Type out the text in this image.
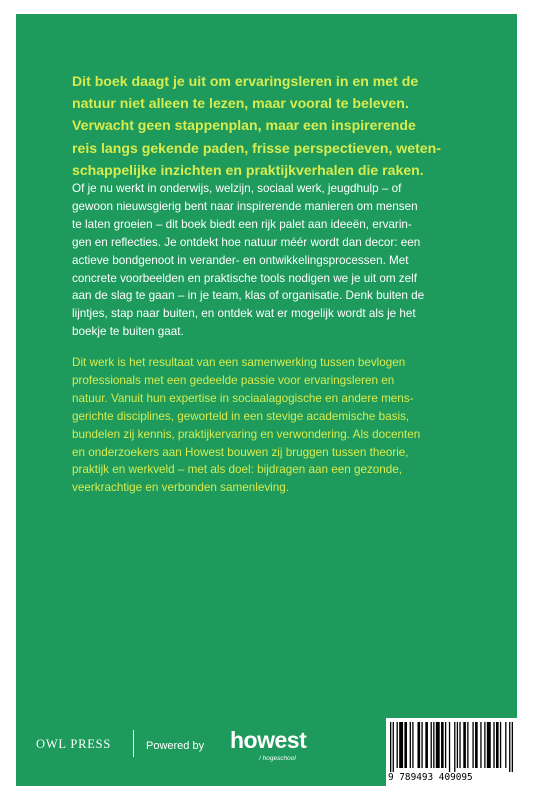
Dit boek daagt je uit om ervaringsleren in en met de
natuur niet alleen te lezen, maar vooral te beleven.
Verwacht geen stappenplan, maar een inspirerende
reis langs gekende paden, frisse perspectieven, weten-
schappelijke inzichten en praktijkverhalen die raken.

Of je nu werkt in onderwijs, welzijn, sociaal werk, jeugdhulp – of
gewoon nieuwsgierig bent naar inspirerende manieren om mensen
te laten groeien – dit boek biedt een rijk palet aan ideeën, ervarin-
gen en reflecties. Je ontdekt hoe natuur méér wordt dan decor: een
actieve bondgenoot in verander- en ontwikkelingsprocessen. Met
concrete voorbeelden en praktische tools nodigen we je uit om zelf
aan de slag te gaan – in je team, klas of organisatie. Denk buiten de
lijntjes, stap naar buiten, en ontdek wat er mogelijk wordt als je het
boekje te buiten gaat.

Dit werk is het resultaat van een samenwerking tussen bevlogen
professionals met een gedeelde passie voor ervaringsleren en
natuur. Vanuit hun expertise in sociaalagogische en andere mens-
gerichte disciplines, geworteld in een stevige academische basis,
bundelen zij kennis, praktijkervaring en verwondering. Als docenten
en onderzoekers aan Howest bouwen zij bruggen tussen theorie,
praktijk en werkveld – met als doel: bijdragen aan een gezonde,
veerkrachtige en verbonden samenleving.

OWL PRESS	Powered by howest
/ hogeschool
9 789493 409095
